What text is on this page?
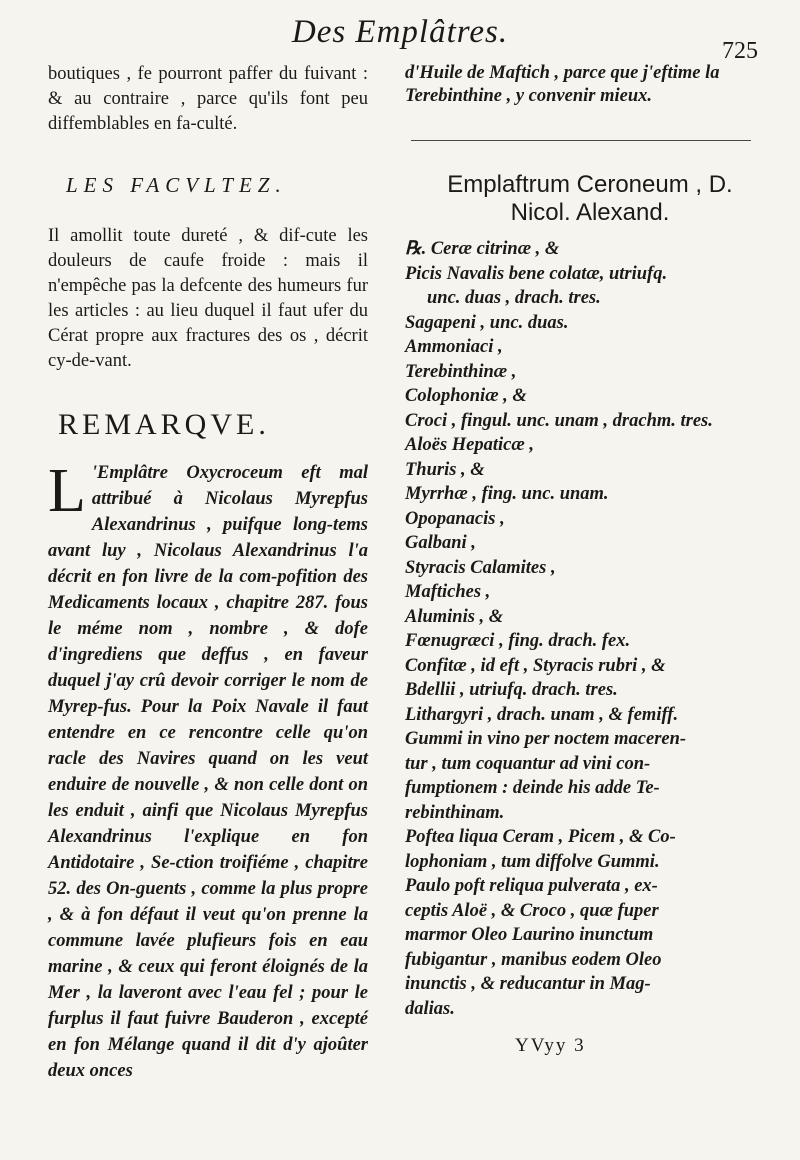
Des Emplâtres.
725

boutiques , fe pourront paffer du fuivant : & au contraire , parce qu'ils font peu diffemblables en fa-culté.

LES FACVLTEZ.

Il amollit toute dureté , & dif-cute les douleurs de caufe froide : mais il n'empêche pas la defcente des humeurs fur les articles : au lieu duquel il faut ufer du Cérat propre aux fractures des os , décrit cy-de-vant.

REMARQVE.

L 'Emplâtre Oxycroceum eft mal attribué à Nicolaus Myrepfus Alexandrinus , puifque long-tems avant luy , Nicolaus Alexandrinus l'a décrit en fon livre de la com-pofition des Medicaments locaux , chapitre 287. fous le méme nom , nombre , & dofe d'ingrediens que deffus , en faveur duquel j'ay crû devoir corriger le nom de Myrep-fus. Pour la Poix Navale il faut entendre en ce rencontre celle qu'on racle des Navires quand on les veut enduire de nouvelle , & non celle dont on les enduit , ainfi que Nicolaus Myrepfus Alexandrinus l'explique en fon Antidotaire , Se-ction troifiéme , chapitre 52. des On-guents , comme la plus propre , & à fon défaut il veut qu'on prenne la commune lavée plufieurs fois en eau marine , & ceux qui feront éloignés de la Mer , la laveront avec l'eau fel ; pour le furplus il faut fuivre Bauderon , excepté en fon Mélange quand il dit d'y ajoûter deux onces

d'Huile de Maftich , parce que j'eftime la Terebinthine , y convenir mieux.

Emplaftrum Ceroneum , D.
Nicol. Alexand.
℞. Ceræ citrinæ , &
Picis Navalis bene colatæ, utriufq.
unc. duas , drach. tres.
Sagapeni , unc. duas.
Ammoniaci ,
Terebinthinæ ,
Colophoniæ , &
Croci , fingul. unc. unam , drachm. tres.
Aloës Hepaticæ ,
Thuris , &
Myrrhæ , fing. unc. unam.
Opopanacis ,
Galbani ,
Styracis Calamites ,
Maftiches ,
Aluminis , &
Fœnugræci , fing. drach. fex.
Confitæ , id eft , Styracis rubri , &
Bdellii , utriufq. drach. tres.
Lithargyri , drach. unam , & femiff.
Gummi in vino per noctem maceren-
tur , tum coquantur ad vini con-
fumptionem : deinde his adde Te-
rebinthinam.
Poftea liqua Ceram , Picem , & Co-
lophoniam , tum diffolve Gummi.
Paulo poft reliqua pulverata , ex-
ceptis Aloë , & Croco , quæ fuper
marmor Oleo Laurino inunctum
fubigantur , manibus eodem Oleo
inunctis , & reducantur in Mag-
dalias.
YVyy 3
